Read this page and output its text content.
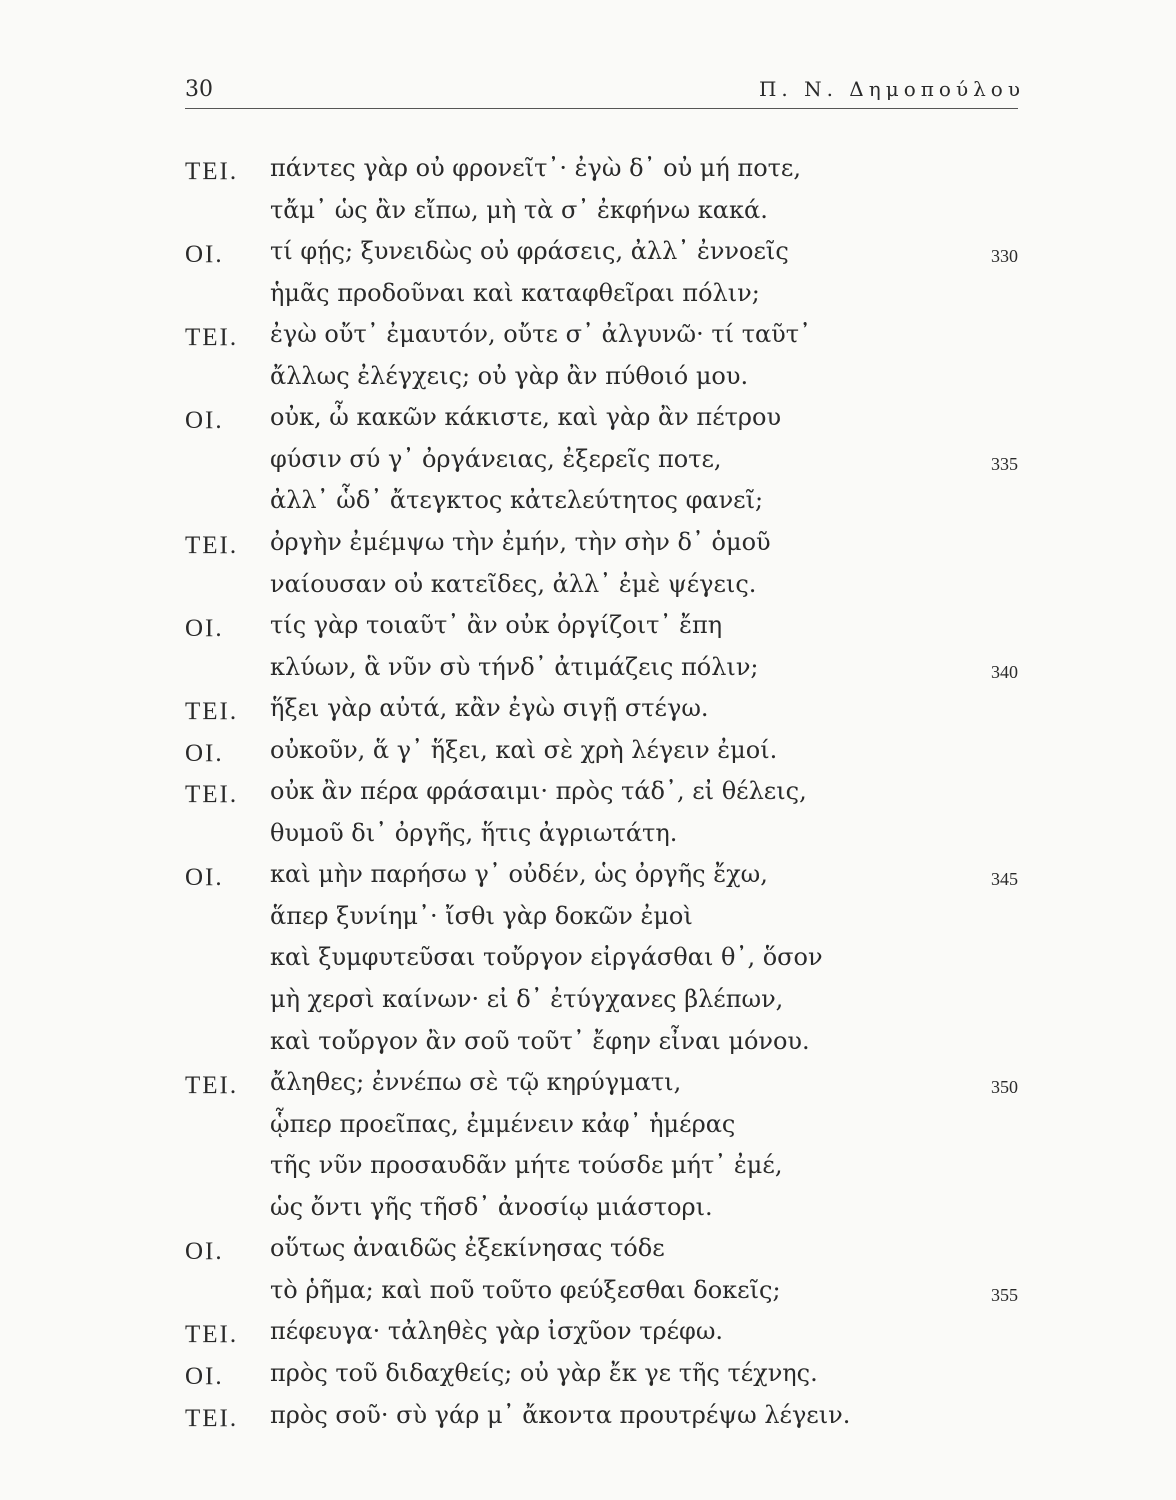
30	Π. Ν. Δημοπούλου
ΤΕΙ. πάντες γὰρ οὐ φρονεῖτ᾽· ἐγὼ δ᾽ οὐ μή ποτε,
τἄμ᾽ ὡς ἂν εἴπω, μὴ τὰ σ᾽ ἐκφήνω κακά.
ΟΙ. τί φῄς; ξυνειδὼς οὐ φράσεις, ἀλλ᾽ ἐννοεῖς	330
ἡμᾶς προδοῦναι καὶ καταφθεῖραι πόλιν;
ΤΕΙ. ἐγὼ οὔτ᾽ ἐμαυτόν, οὔτε σ᾽ ἀλγυνῶ· τί ταῦτ᾽
ἄλλως ἐλέγχεις; οὐ γὰρ ἂν πύθοιό μου.
ΟΙ. οὐκ, ὦ κακῶν κάκιστε, καὶ γὰρ ἂν πέτρου
φύσιν σύ γ᾽ ὀργάνειας, ἐξερεῖς ποτε,	335
ἀλλ᾽ ὧδ᾽ ἄτεγκτος κἀτελεύτητος φανεῖ;
ΤΕΙ. ὀργὴν ἐμέμψω τὴν ἐμήν, τὴν σὴν δ᾽ ὁμοῦ
ναίουσαν οὐ κατεῖδες, ἀλλ᾽ ἐμὲ ψέγεις.
ΟΙ. τίς γὰρ τοιαῦτ᾽ ἂν οὐκ ὀργίζοιτ᾽ ἔπη
κλύων, ἃ νῦν σὺ τήνδ᾽ ἀτιμάζεις πόλιν;	340
ΤΕΙ. ἥξει γὰρ αὐτά, κἂν ἐγὼ σιγῇ στέγω.
ΟΙ. οὐκοῦν, ἅ γ᾽ ἥξει, καὶ σὲ χρὴ λέγειν ἐμοί.
ΤΕΙ. οὐκ ἂν πέρα φράσαιμι· πρὸς τάδ᾽, εἰ θέλεις,
θυμοῦ δι᾽ ὀργῆς, ἥτις ἀγριωτάτη.
ΟΙ. καὶ μὴν παρήσω γ᾽ οὐδέν, ὡς ὀργῆς ἔχω,	345
ἅπερ ξυνίημ᾽· ἴσθι γὰρ δοκῶν ἐμοὶ
καὶ ξυμφυτεῦσαι τοὔργον εἰργάσθαι θ᾽, ὅσον
μὴ χερσὶ καίνων· εἰ δ᾽ ἐτύγχανες βλέπων,
καὶ τοὔργον ἂν σοῦ τοῦτ᾽ ἔφην εἶναι μόνου.
ΤΕΙ. ἄληθες; ἐννέπω σὲ τῷ κηρύγματι,	350
ᾧπερ προεῖπας, ἐμμένειν κἀφ᾽ ἡμέρας
τῆς νῦν προσαυδᾶν μήτε τούσδε μήτ᾽ ἐμέ,
ὡς ὄντι γῆς τῆσδ᾽ ἀνοσίῳ μιάστορι.
ΟΙ. οὕτως ἀναιδῶς ἐξεκίνησας τόδε
τὸ ῥῆμα; καὶ ποῦ τοῦτο φεύξεσθαι δοκεῖς;	355
ΤΕΙ. πέφευγα· τἀληθὲς γὰρ ἰσχῦον τρέφω.
ΟΙ. πρὸς τοῦ διδαχθείς; οὐ γὰρ ἔκ γε τῆς τέχνης.
ΤΕΙ. πρὸς σοῦ· σὺ γάρ μ᾽ ἄκοντα προυτρέψω λέγειν.
